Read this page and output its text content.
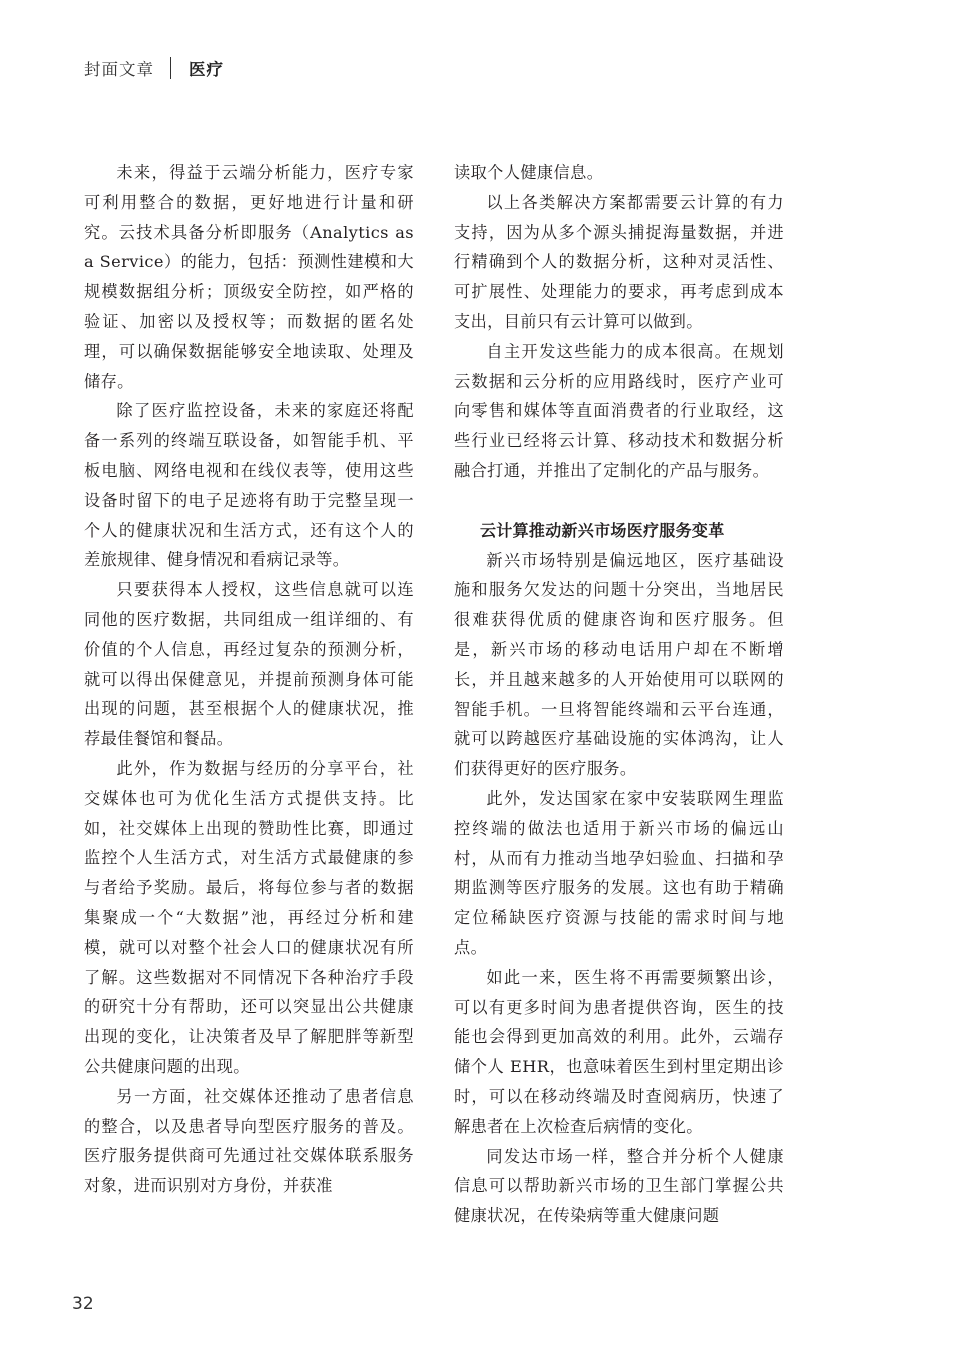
封面文章 医疗

未来，得益于云端分析能力，医疗专家可利用整合的数据，更好地进行计量和研究。云技术具备分析即服务（Analytics as a Service）的能力，包括：预测性建模和大规模数据组分析；顶级安全防控，如严格的验证、加密以及授权等；而数据的匿名处理，可以确保数据能够安全地读取、处理及储存。

除了医疗监控设备，未来的家庭还将配备一系列的终端互联设备，如智能手机、平板电脑、网络电视和在线仪表等，使用这些设备时留下的电子足迹将有助于完整呈现一个人的健康状况和生活方式，还有这个人的差旅规律、健身情况和看病记录等。

只要获得本人授权，这些信息就可以连同他的医疗数据，共同组成一组详细的、有价值的个人信息，再经过复杂的预测分析，就可以得出保健意见，并提前预测身体可能出现的问题，甚至根据个人的健康状况，推荐最佳餐馆和餐品。

此外，作为数据与经历的分享平台，社交媒体也可为优化生活方式提供支持。比如，社交媒体上出现的赞助性比赛，即通过监控个人生活方式，对生活方式最健康的参与者给予奖励。最后，将每位参与者的数据集聚成一个“大数据”池，再经过分析和建模，就可以对整个社会人口的健康状况有所了解。这些数据对不同情况下各种治疗手段的研究十分有帮助，还可以突显出公共健康出现的变化，让决策者及早了解肥胖等新型公共健康问题的出现。

另一方面，社交媒体还推动了患者信息的整合，以及患者导向型医疗服务的普及。医疗服务提供商可先通过社交媒体联系服务对象，进而识别对方身份，并获准

读取个人健康信息。

以上各类解决方案都需要云计算的有力支持，因为从多个源头捕捉海量数据，并进行精确到个人的数据分析，这种对灵活性、可扩展性、处理能力的要求，再考虑到成本支出，目前只有云计算可以做到。

自主开发这些能力的成本很高。在规划云数据和云分析的应用路线时，医疗产业可向零售和媒体等直面消费者的行业取经，这些行业已经将云计算、移动技术和数据分析融合打通，并推出了定制化的产品与服务。

云计算推动新兴市场医疗服务变革

新兴市场特别是偏远地区，医疗基础设施和服务欠发达的问题十分突出，当地居民很难获得优质的健康咨询和医疗服务。但是，新兴市场的移动电话用户却在不断增长，并且越来越多的人开始使用可以联网的智能手机。一旦将智能终端和云平台连通，就可以跨越医疗基础设施的实体鸿沟，让人们获得更好的医疗服务。

此外，发达国家在家中安装联网生理监控终端的做法也适用于新兴市场的偏远山村，从而有力推动当地孕妇验血、扫描和孕期监测等医疗服务的发展。这也有助于精确定位稀缺医疗资源与技能的需求时间与地点。

如此一来，医生将不再需要频繁出诊，可以有更多时间为患者提供咨询，医生的技能也会得到更加高效的利用。此外，云端存储个人 EHR，也意味着医生到村里定期出诊时，可以在移动终端及时查阅病历，快速了解患者在上次检查后病情的变化。

同发达市场一样，整合并分析个人健康信息可以帮助新兴市场的卫生部门掌握公共健康状况，在传染病等重大健康问题

32
